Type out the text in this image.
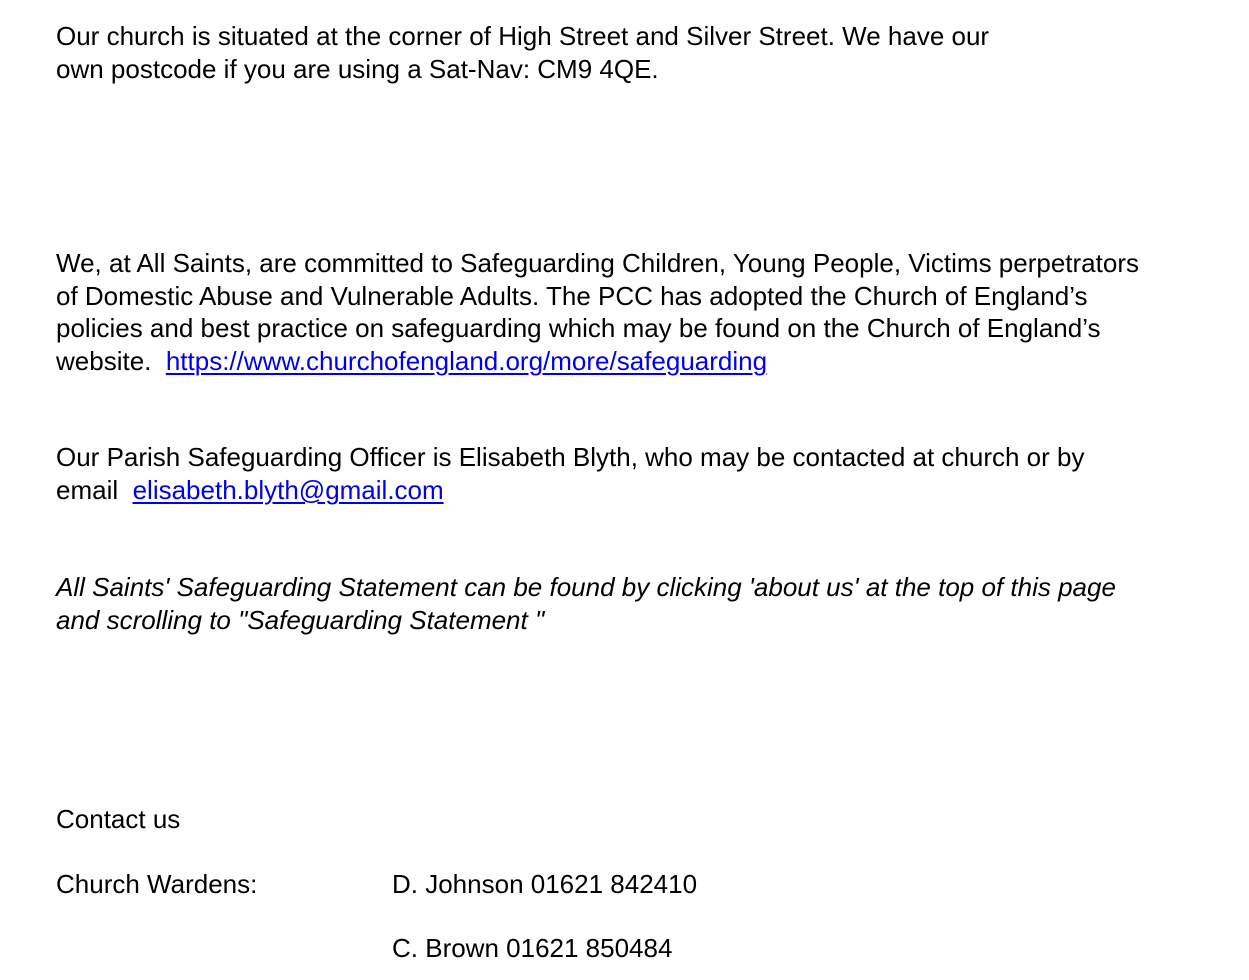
Our church is situated at the corner of High Street and Silver Street. We have our
own postcode if you are using a Sat-Nav: CM9 4QE.

We, at All Saints, are committed to Safeguarding Children, Young People, Victims perpetrators
of Domestic Abuse and Vulnerable Adults. The PCC has adopted the Church of England’s
policies and best practice on safeguarding which may be found on the Church of England’s
website.  https://www.churchofengland.org/more/safeguarding

Our Parish Safeguarding Officer is Elisabeth Blyth, who may be contacted at church or by
email  elisabeth.blyth@gmail.com

All Saints' Safeguarding Statement can be found by clicking 'about us' at the top of this page
and scrolling to "Safeguarding Statement "

Contact us

Church Wardens:	D. Johnson 01621 842410

C. Brown 01621 850484
